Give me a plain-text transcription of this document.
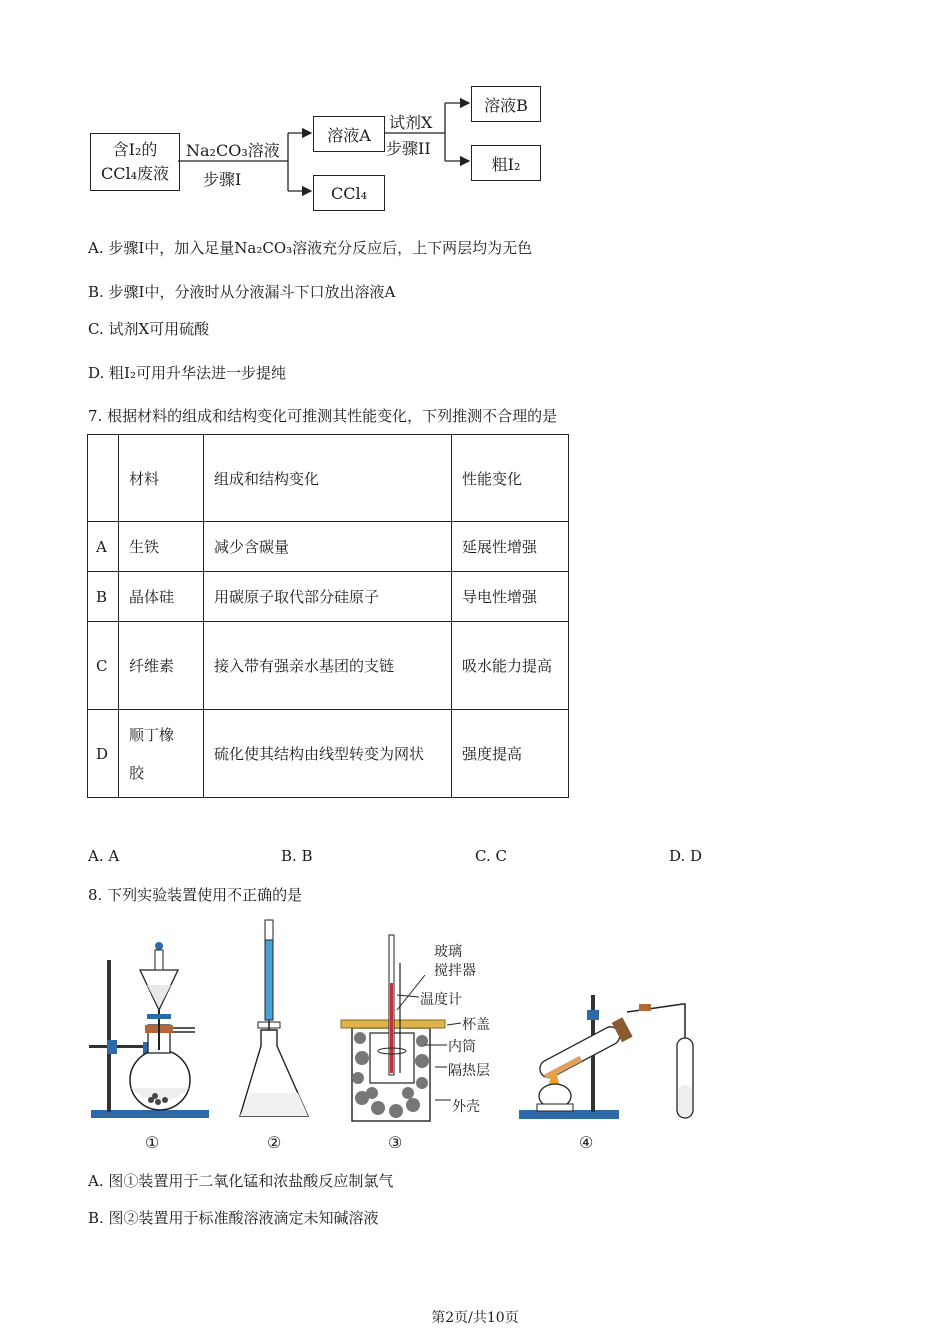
含I₂的
CCl₄废液
Na₂CO₃溶液
步骤I
溶液A
CCl₄
试剂X
步骤II
溶液B
粗I₂
A. 步骤I中，加入足量Na₂CO₃溶液充分反应后，上下两层均为无色
B. 步骤I中，分液时从分液漏斗下口放出溶液A
C. 试剂X可用硫酸
D. 粗I₂可用升华法进一步提纯
7. 根据材料的组成和结构变化可推测其性能变化，下列推测不合理的是
	材料	组成和结构变化	性能变化
A	生铁	减少含碳量	延展性增强
B	晶体硅	用碳原子取代部分硅原子	导电性增强
C	纤维素	接入带有强亲水基团的支链	吸水能力提高

D	顺丁橡胶	硫化使其结构由线型转变为网状	强度提高
A. A	B. B	C. C	D. D
8. 下列实验装置使用不正确的是
玻璃
搅拌器
温度计
杯盖
内筒
隔热层
外壳
①	②	③	④
A. 图①装置用于二氧化锰和浓盐酸反应制氯气
B. 图②装置用于标准酸溶液滴定未知碱溶液
第2页/共10页
